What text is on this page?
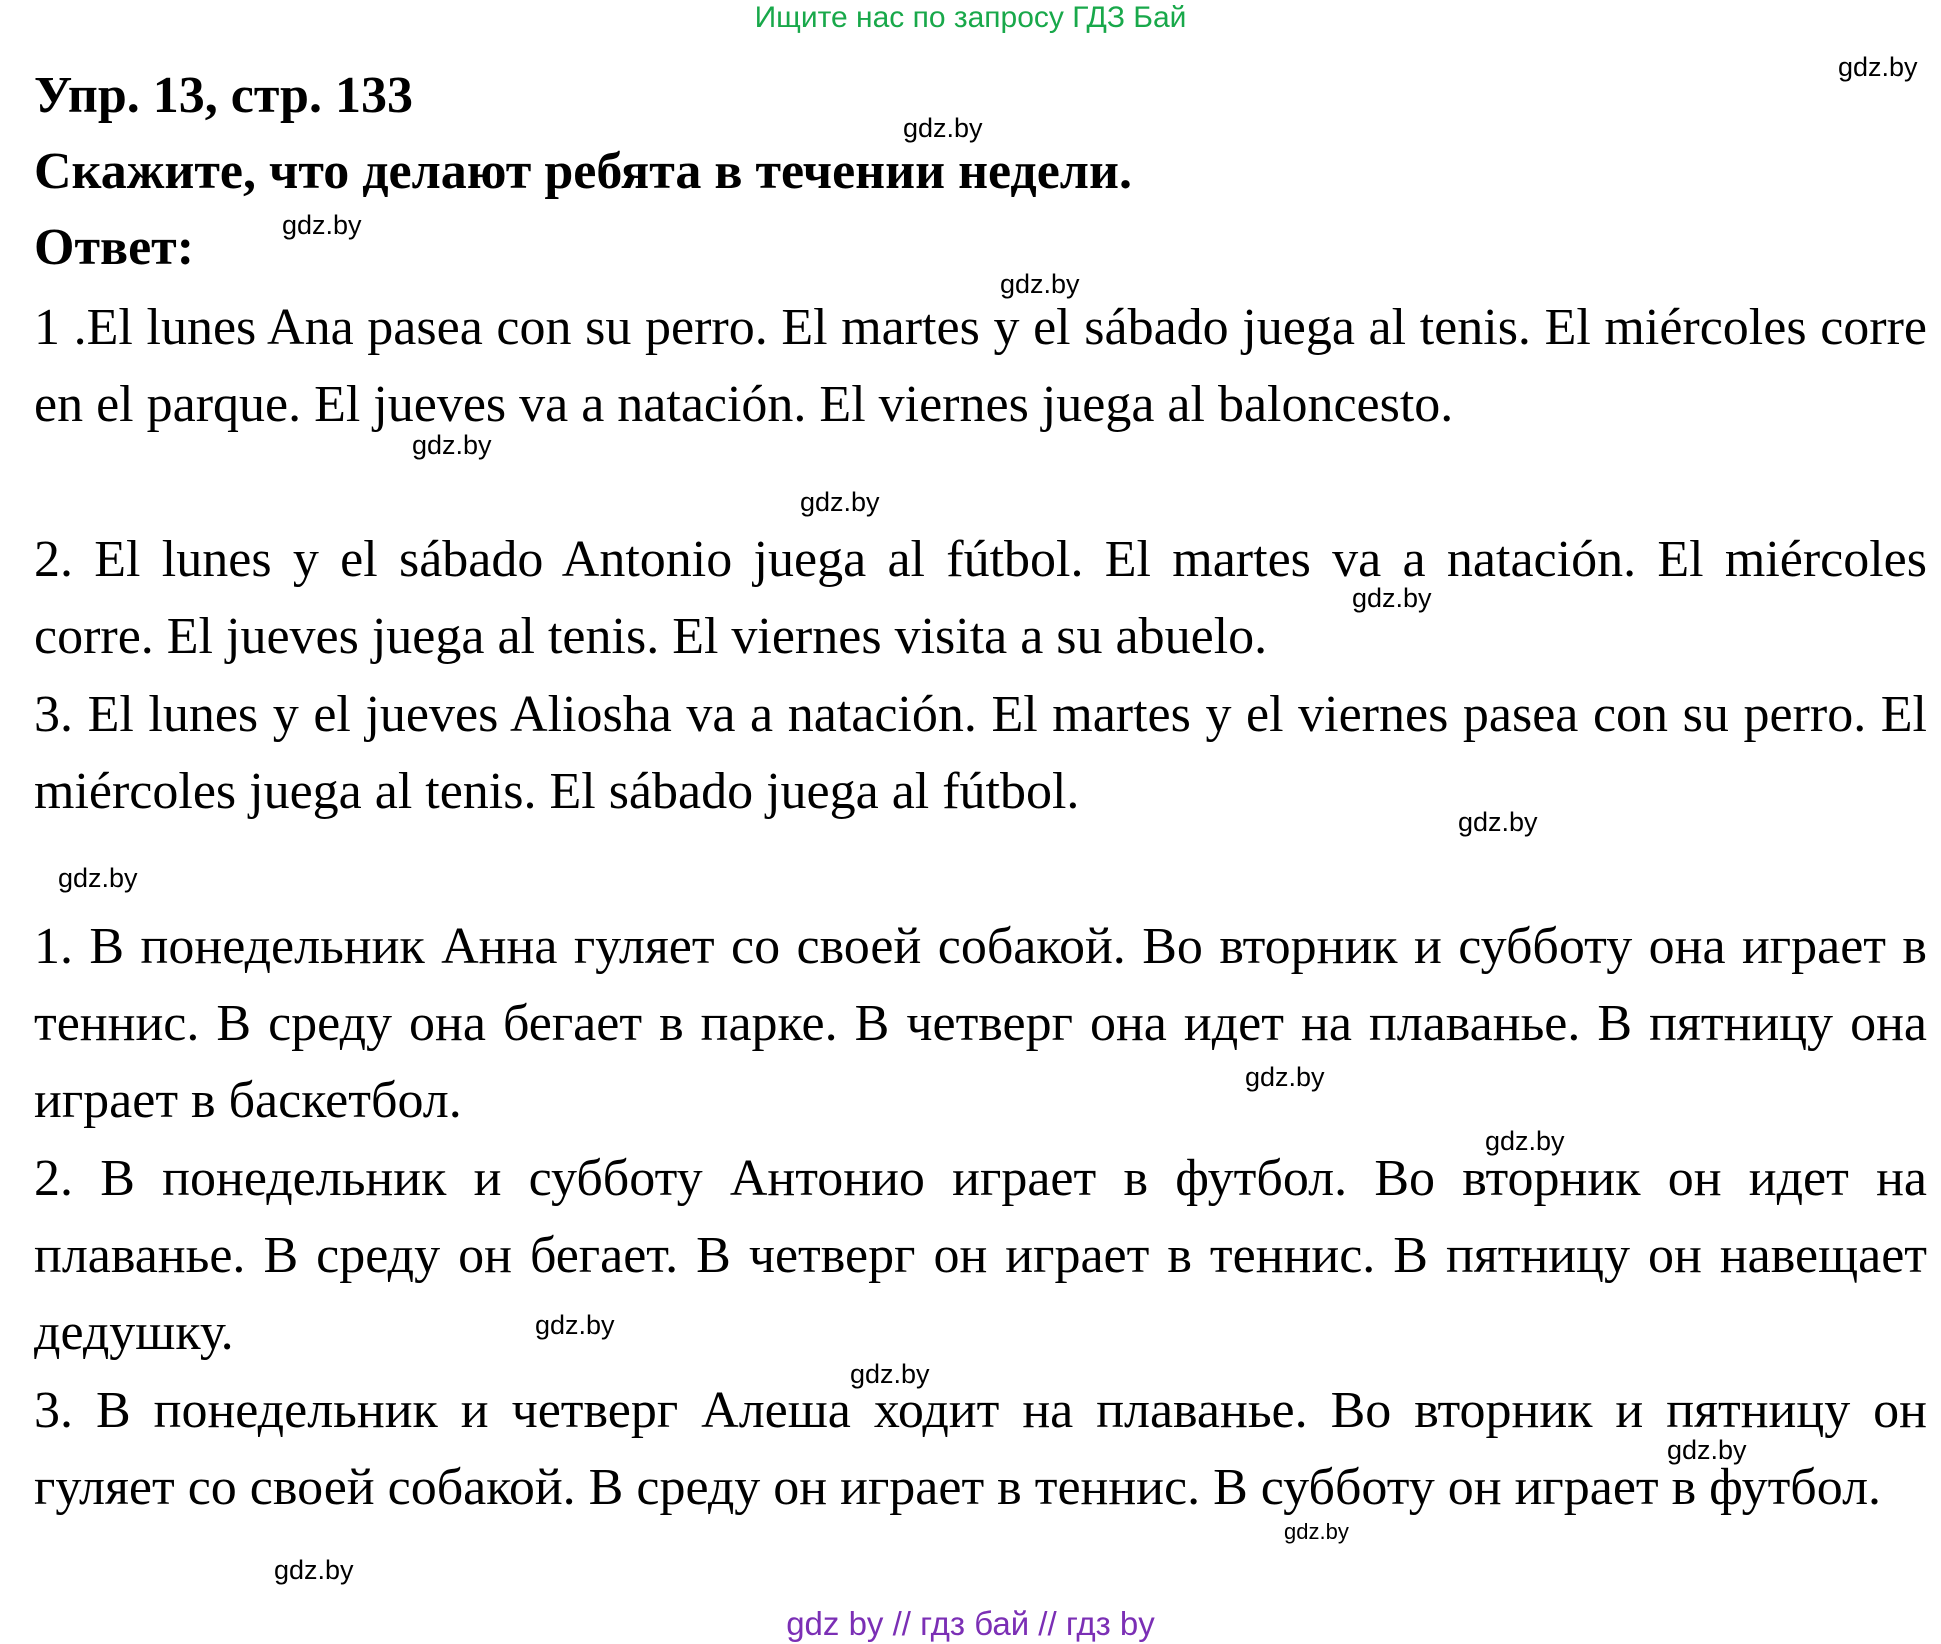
Ищите нас по запросу ГДЗ Бай
Упр. 13, стр. 133
Скажите, что делают ребята в течении недели.
Ответ:
1 .El lunes Ana pasea con su perro. El martes y el sábado juega al tenis. El miércoles corre en el parque. El jueves va a natación. El viernes juega al baloncesto.
2. El lunes y el sábado Antonio juega al fútbol. El martes va a natación. El miércoles corre. El jueves juega al tenis. El viernes visita a su abuelo.
3. El lunes y el jueves Aliosha va a natación. El martes y el viernes pasea con su perro. El miércoles juega al tenis. El sábado juega al fútbol.
1. В понедельник Анна гуляет со своей собакой. Во вторник и субботу она играет в теннис. В среду она бегает в парке. В четверг она идет на плаванье. В пятницу она играет в баскетбол.
2. В понедельник и субботу Антонио играет в футбол. Во вторник он идет на плаванье. В среду он бегает. В четверг он играет в теннис. В пятницу он навещает дедушку.
3. В понедельник и четверг Алеша ходит на плаванье. Во вторник и пятницу он гуляет со своей собакой. В среду он играет в теннис. В субботу он играет в футбол.
gdz.by
gdz.by
gdz.by
gdz.by
gdz.by
gdz.by
gdz.by
gdz.by
gdz.by
gdz.by
gdz.by
gdz.by
gdz.by
gdz.by
gdz.by
gdz.by
gdz by // гдз бай // гдз by
